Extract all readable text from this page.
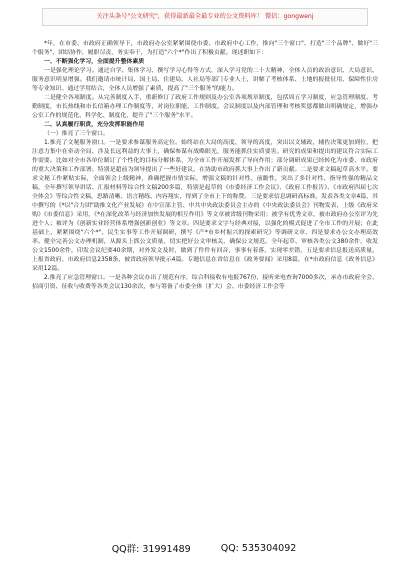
关注头条号"公文研究"，获得最新最全最专业的公文资料库！ 微信：gongwenj

*年，在市委、市政府正确领导下，市政府办公室紧紧围绕市委、市政府中心工作，推向"三个窗口"、打造"三个品牌"、做好"三个服务"，团结协作，履职尽责，务实奉干，为打造"六个*"作出了积极贡献。现述职如下：

一、不断强化学习，全面提升整体素质

一是强化理论学习。通过自学、集体学习、撰写学习心得等方式，深入学习党的二十大精神，全体人员的政治意识、大局意识、服务意识明显增强。我们邀请市统计局、国土局、住建局、人社局等部门专业人士，讲解了考核体系、土地的报批征用、保障性住房等专业知识。通过学用结合，全体人员增强了素质，提高了"三个服务"的能力。

二是健全各项制度。从完善制度入手，重新修订了政府工作规则及办公室各项规章制度，包括周五学习制度，应急管理制度、考勤制度，市长热线和市长信箱办理工作制度等，对岗位职能、工作制度、会议制度以及内部管理和考核奖惩都做出明确规定，增强办公室工作的规范化、科学化、制度化，提升了"三个服务"水平。

二、认真履行职责，充分发挥职能作用

（一）推亮了三个窗口。

1.推亮了文秘服务窗口。一是要求参谋服务高定位。始终站在大局的高度、领导的高度，突出以文辅政，辅佐决策更加到位，把注意力集中在牵动全局、涉及长远利益的大事上，确保参谋有战略眼光，服务能抓住实质要害。研究的成果和提出的建议符合实际工作需要。比如对全市各单位制订了个性化的目标分解体系，为全市工作开展发挥了导向作用；部分调研成果已经转化为市委、市政府的重大决策和工作部署。特别是超前为领导提出了一些好建议，在协助市政府抓大事上作出了新贡献。二是要求文稿起草高水平。要求文秘工作紧贴实际，全面领会上级精神，准确把握市情实际，增强文稿的针对性、前瞻性，突出了多针对性、指导性强的精品文稿，全年撰写领导讲话、汇报材料等综合性文稿200多篇，特别是起草的《市委经济工作会议》、《政府工作报告》、《市政府四届七次全体会》等综合性文稿，思路清晰、语言精练、内容翔实，得到了全市上下的称赞。三是要求信息调研高标准。发表各类文章4篇，其中撰写的《*以"合力团"助推文化产业发展》在中宣部主管、中共中央政法委员会主办的《中央政法委员会》刊物发表，上级《政府采购》《市委信息》采用，《*在深化改革与经济加快发展的相互作用》等文章被省级刊物采用；被学有优秀文章，被市政府办公室评为先进个人；被评为《创新实业经营体系增强创新创业》等文章。四是要求文字与经典对接，以强化的模式促进了全市工作的开展；在此基础上，紧紧围绕"六个*"、民生实事等工作开展调研，撰写《产*市乡村振兴的探索研究》等调研文章，四是要求办公文办理高效率。健全完善公文办理机制，从源头上抓公文质量，切实把好公文审核关，确保公文规范。全年起草、审核各类公文380余件，收发公文1500余件，印发会议纪要40余期，对外发文及时，做到了件件有回音，事事有着落，实现零差错，五是要求信息报送高质量。上报省政府、市政府信息2358条，被省政府领导批示4篇。专题信息在省信息在《政务要闻》采用8篇，在*市政府信息《政务信息》采用12篇。

2.推亮了应急管理窗口。一是各种会议办出了规范有序，综合科接收有电报767份，接听来电查询7000多次，承办市政府全会、招商引资、征收与收费等各类会议130余次，参与筹备了市委全体（扩大）会、市委经济工作会等

QQ群: 31991489	QQ: 535304092
